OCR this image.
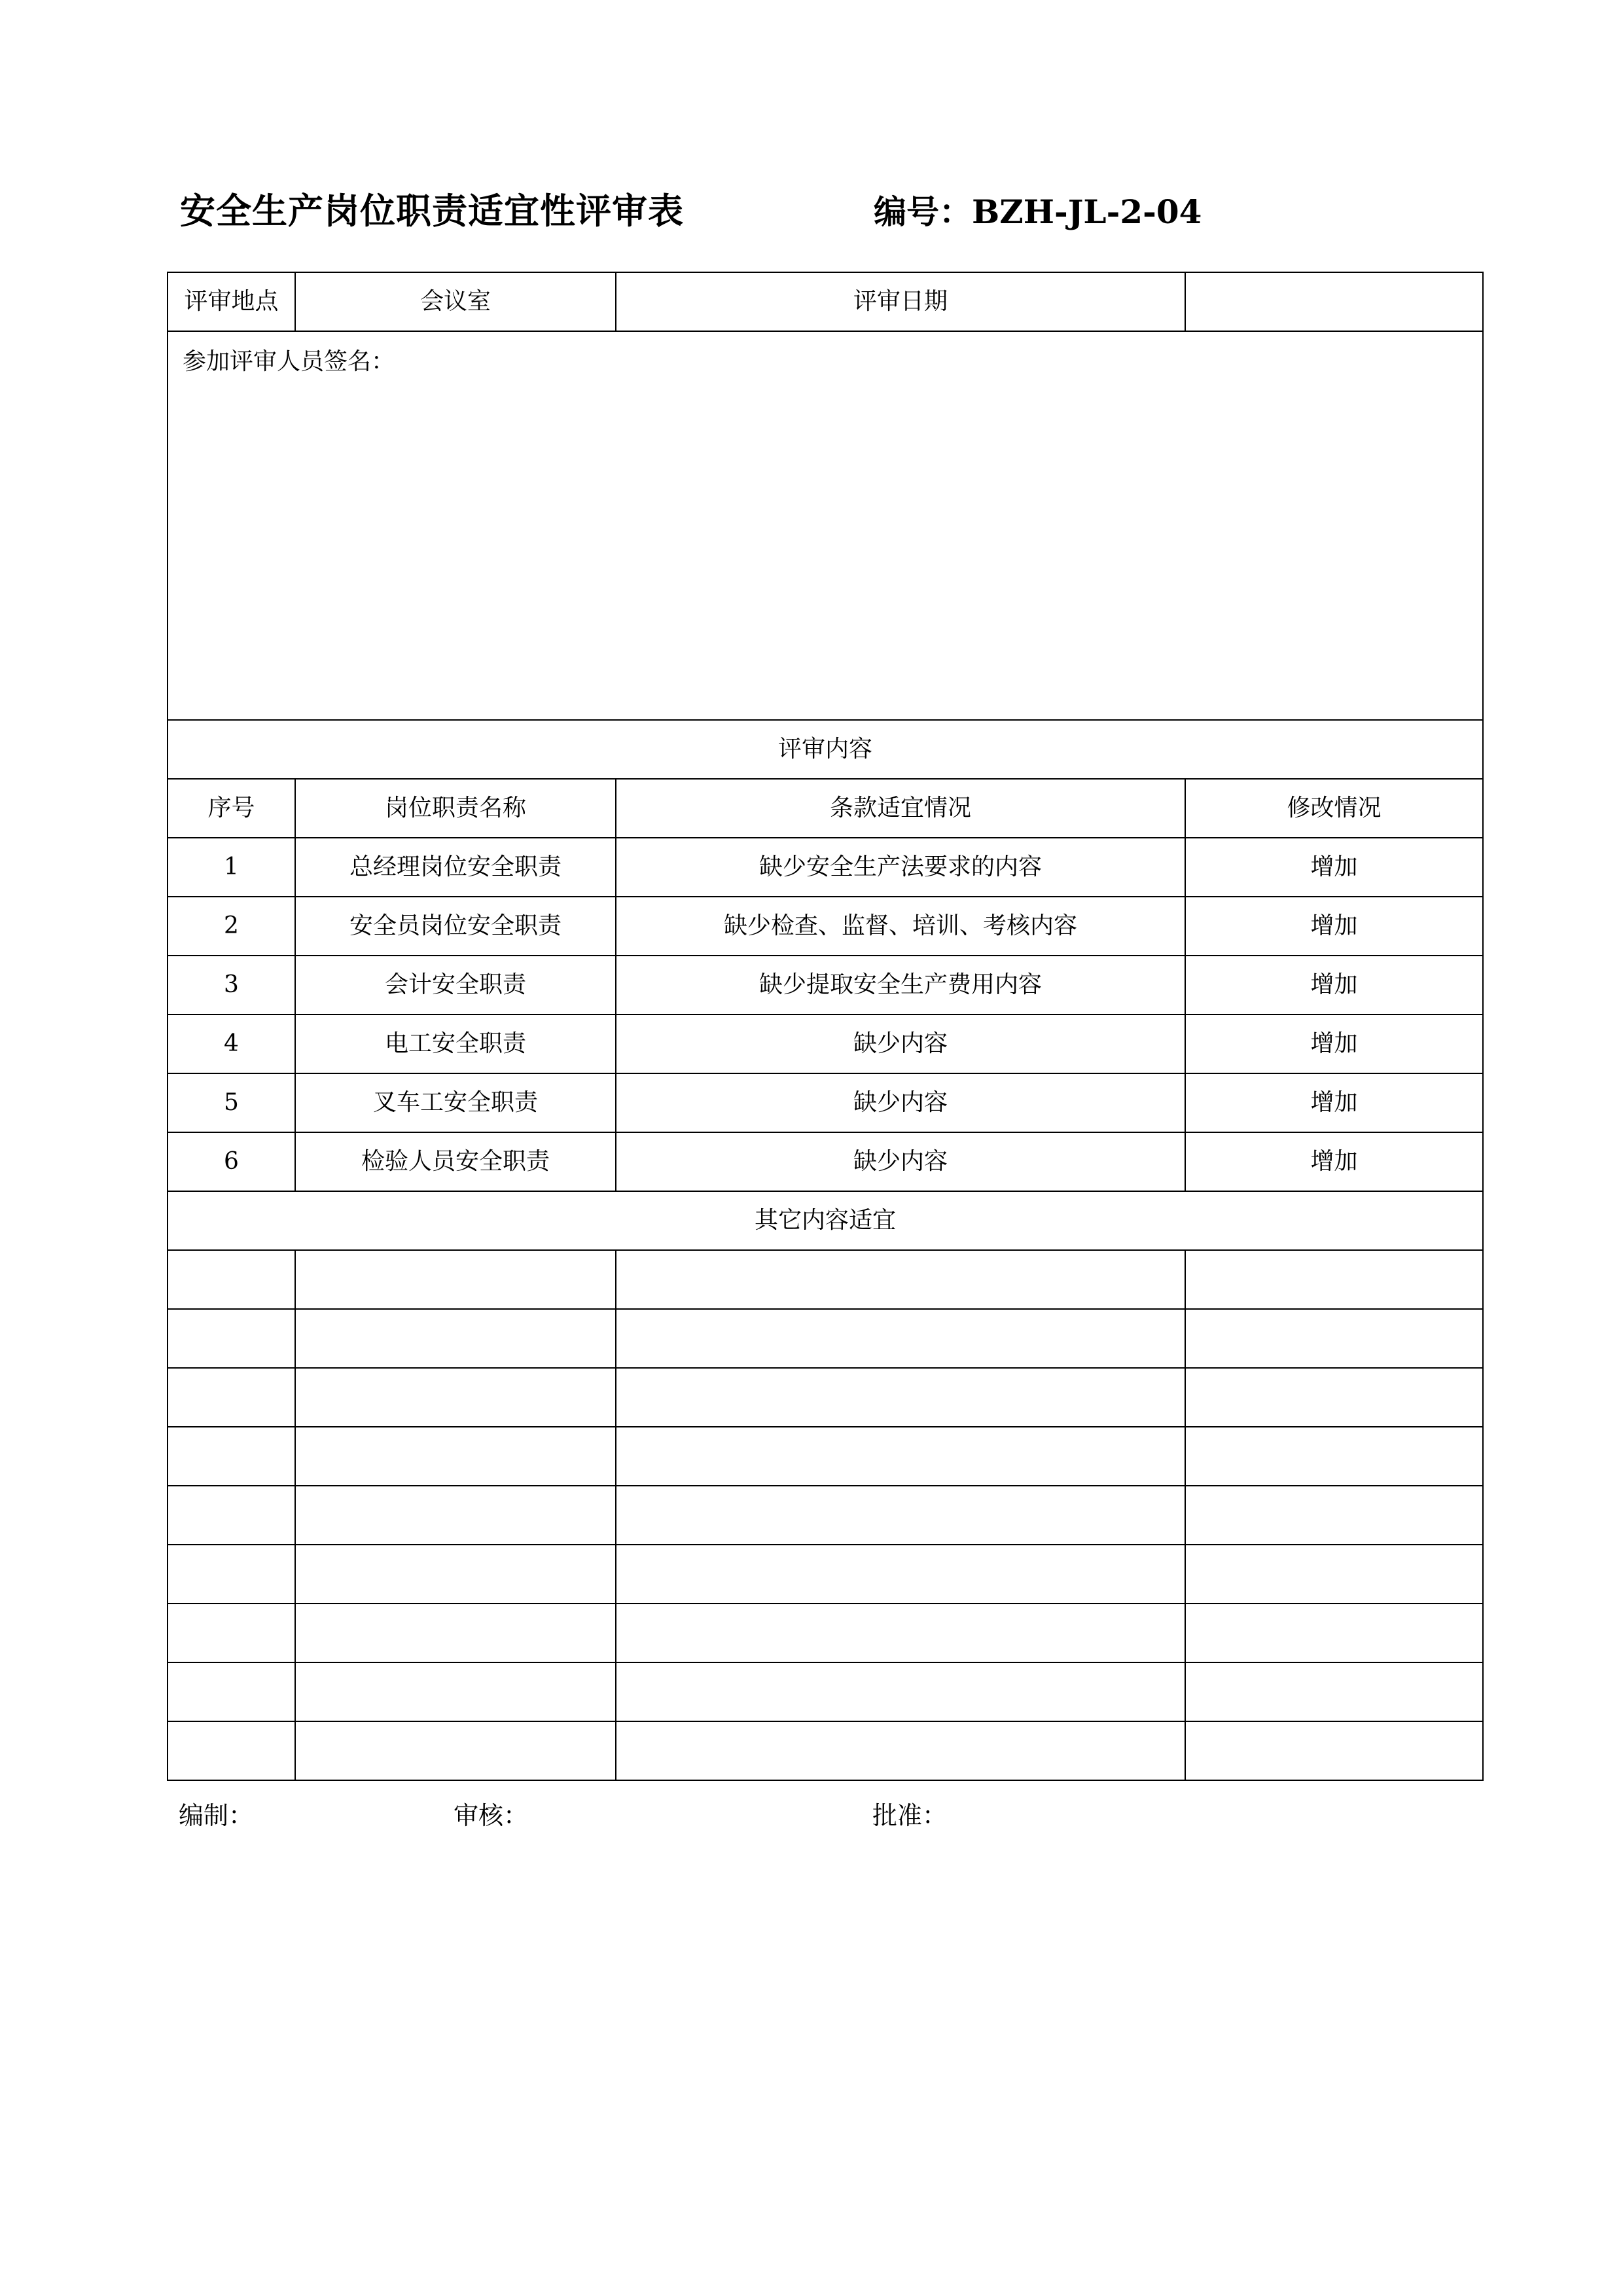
安全生产岗位职责适宜性评审表	编号：BZH-JL-2-04
评审地点	会议室	评审日期	
参加评审人员签名：			
评审内容			
序号	岗位职责名称	条款适宜情况	修改情况
1	总经理岗位安全职责	缺少安全生产法要求的内容	增加
2	安全员岗位安全职责	缺少检查、监督、培训、考核内容	增加
3	会计安全职责	缺少提取安全生产费用内容	增加
4	电工安全职责	缺少内容	增加
5	叉车工安全职责	缺少内容	增加
6	检验人员安全职责	缺少内容	增加
其它内容适宜			

编制：	审核：	批准：
